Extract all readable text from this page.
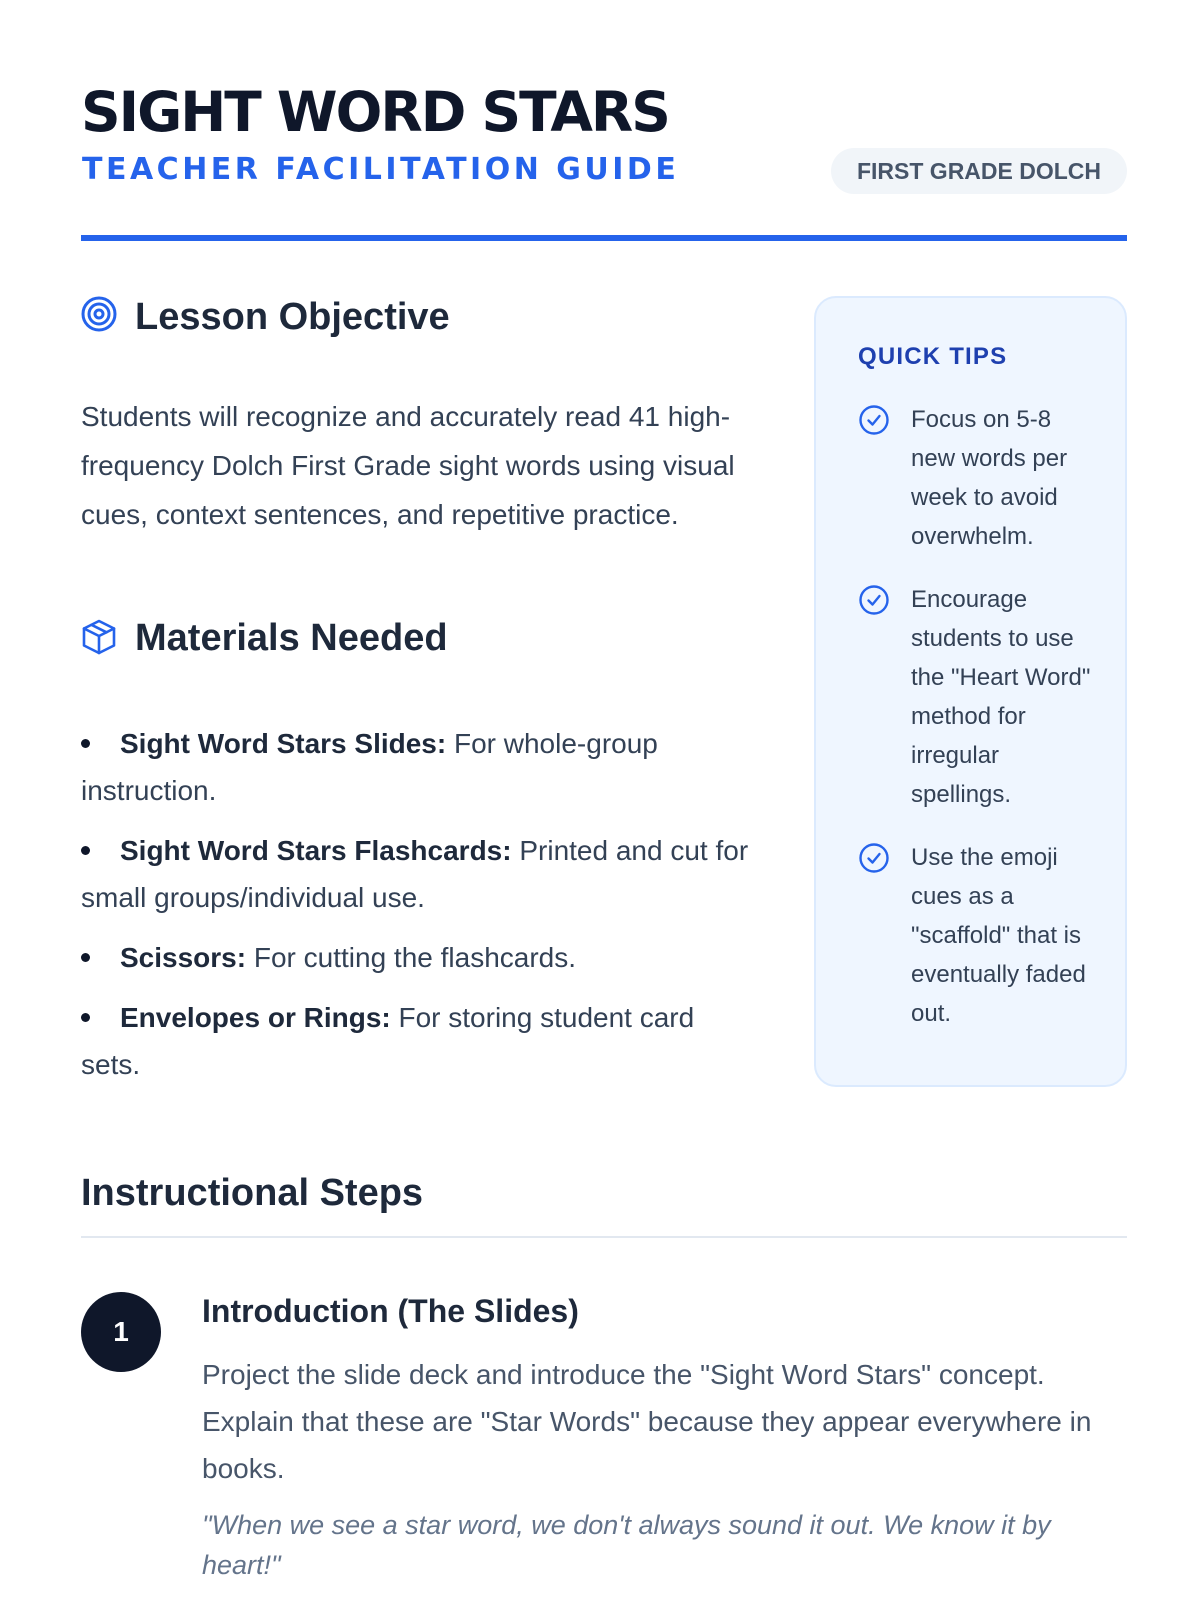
SIGHT WORD STARS
TEACHER FACILITATION GUIDE	FIRST GRADE DOLCH
Lesson Objective

Students will recognize and accurately read 41 high-frequency Dolch First Grade sight words using visual cues, context sentences, and repetitive practice.

Materials Needed
Sight Word Stars Slides: For whole-group instruction.
Sight Word Stars Flashcards: Printed and cut for small groups/individual use.
Scissors: For cutting the flashcards.
Envelopes or Rings: For storing student card sets.
QUICK TIPS
Focus on 5-8 new words per week to avoid overwhelm.
Encourage students to use the "Heart Word" method for irregular spellings.
Use the emoji cues as a "scaffold" that is eventually faded out.
Instructional Steps
1
Introduction (The Slides)

Project the slide deck and introduce the "Sight Word Stars" concept. Explain that these are "Star Words" because they appear everywhere in books.

"When we see a star word, we don't always sound it out. We know it by heart!"
